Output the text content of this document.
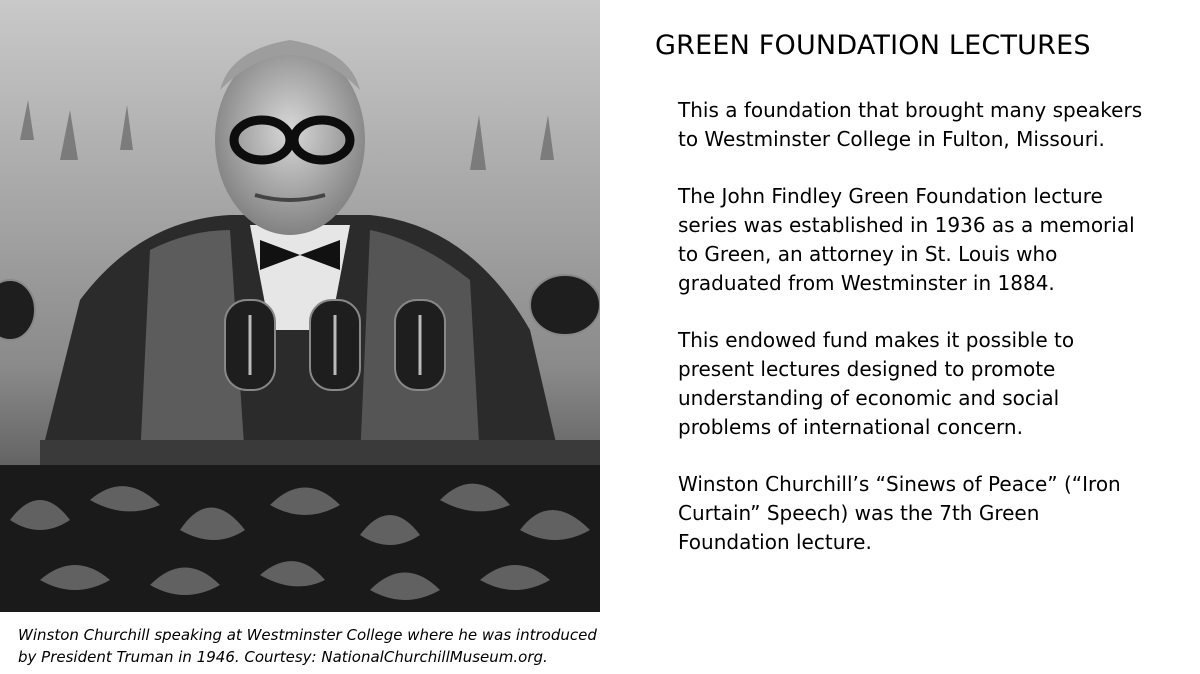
Winston Churchill speaking at Westminster College where he was introduced
by President Truman in 1946. Courtesy: NationalChurchillMuseum.org.
GREEN FOUNDATION LECTURES
This a foundation that brought many speakers
to Westminster College in Fulton, Missouri.
The John Findley Green Foundation lecture
series was established in 1936 as a memorial
to Green, an attorney in St. Louis who
graduated from Westminster in 1884.
This endowed fund makes it possible to
present lectures designed to promote
understanding of economic and social
problems of international concern.
Winston Churchill’s “Sinews of Peace” (“Iron
Curtain” Speech) was the 7th Green
Foundation lecture.
